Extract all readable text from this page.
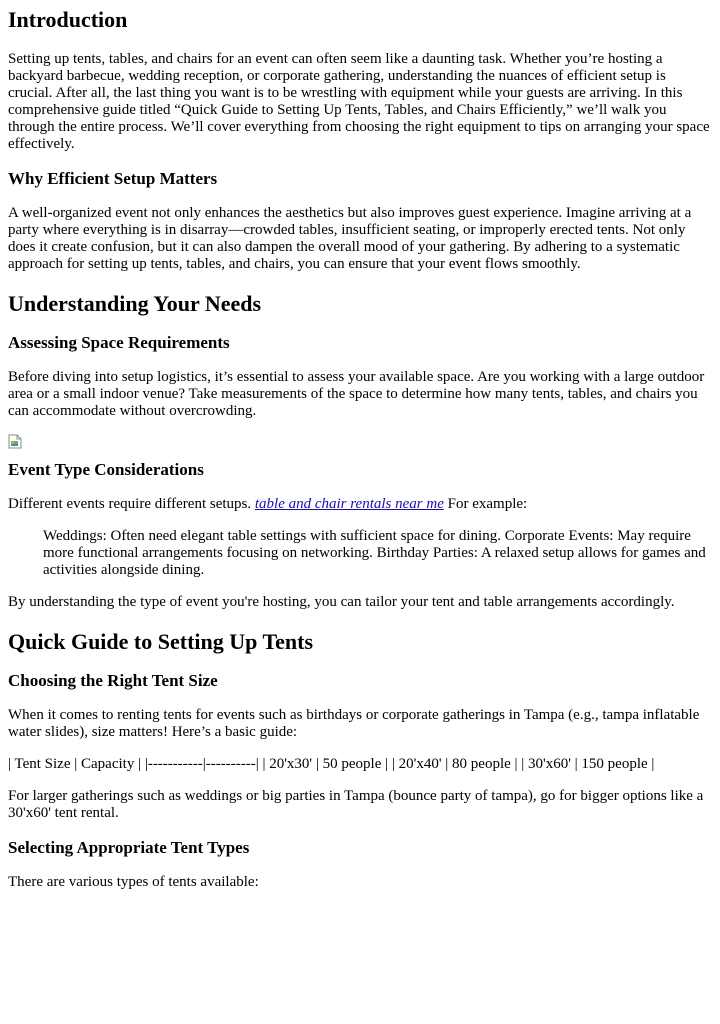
Introduction

Setting up tents, tables, and chairs for an event can often seem like a daunting task. Whether you’re hosting a backyard barbecue, wedding reception, or corporate gathering, understanding the nuances of efficient setup is crucial. After all, the last thing you want is to be wrestling with equipment while your guests are arriving. In this comprehensive guide titled “Quick Guide to Setting Up Tents, Tables, and Chairs Efficiently,” we’ll walk you through the entire process. We’ll cover everything from choosing the right equipment to tips on arranging your space effectively.

Why Efficient Setup Matters

A well-organized event not only enhances the aesthetics but also improves guest experience. Imagine arriving at a party where everything is in disarray—crowded tables, insufficient seating, or improperly erected tents. Not only does it create confusion, but it can also dampen the overall mood of your gathering. By adhering to a systematic approach for setting up tents, tables, and chairs, you can ensure that your event flows smoothly.

Understanding Your Needs
Assessing Space Requirements

Before diving into setup logistics, it’s essential to assess your available space. Are you working with a large outdoor area or a small indoor venue? Take measurements of the space to determine how many tents, tables, and chairs you can accommodate without overcrowding.

Event Type Considerations

Different events require different setups. table and chair rentals near me For example:

Weddings: Often need elegant table settings with sufficient space for dining. Corporate Events: May require more functional arrangements focusing on networking. Birthday Parties: A relaxed setup allows for games and activities alongside dining.

By understanding the type of event you're hosting, you can tailor your tent and table arrangements accordingly.

Quick Guide to Setting Up Tents
Choosing the Right Tent Size

When it comes to renting tents for events such as birthdays or corporate gatherings in Tampa (e.g., tampa inflatable water slides), size matters! Here’s a basic guide:

| Tent Size | Capacity | |-----------|----------| | 20'x30' | 50 people | | 20'x40' | 80 people | | 30'x60' | 150 people |

For larger gatherings such as weddings or big parties in Tampa (bounce party of tampa), go for bigger options like a 30'x60' tent rental.

Selecting Appropriate Tent Types

There are various types of tents available:
